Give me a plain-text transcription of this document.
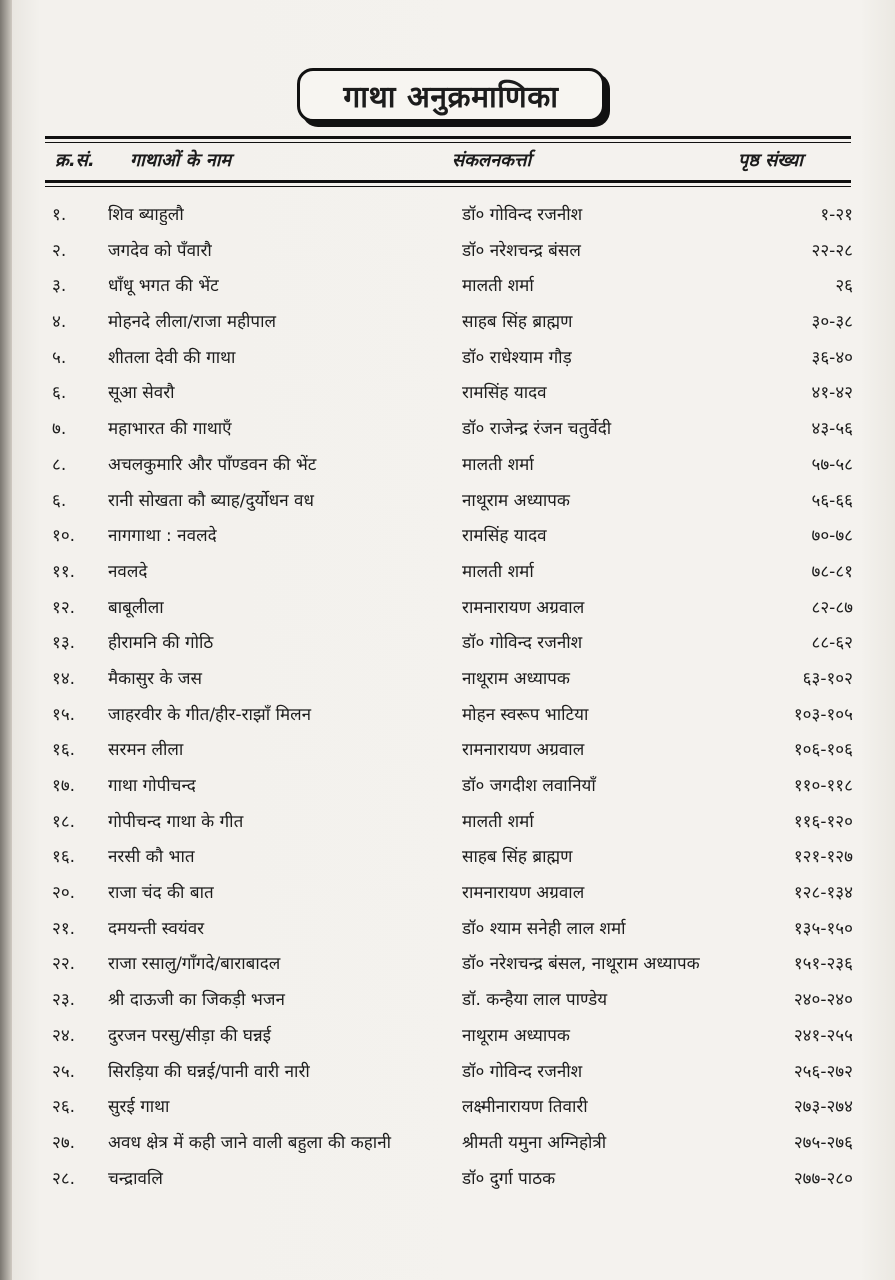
गाथा अनुक्रमाणिका
क्र.सं. गाथाओं के नाम	संकलनकर्त्ता	पृष्ठ संख्या
१.	शिव ब्याहुलौ	डॉ० गोविन्द रजनीश	१-२१
२.	जगदेव को पँवारौ	डॉ० नरेशचन्द्र बंसल	२२-२८
३.	धाँधू भगत की भेंट	मालती शर्मा	२६
४.	मोहनदे लीला/राजा महीपाल	साहब सिंह ब्राह्मण	३०-३८
५.	शीतला देवी की गाथा	डॉ० राधेश्याम गौड़	३६-४०
६.	सूआ सेवरौ	रामसिंह यादव	४१-४२
७.	महाभारत की गाथाएँ	डॉ० राजेन्द्र रंजन चतुर्वेदी	४३-५६
८.	अचलकुमारि और पाँण्डवन की भेंट	मालती शर्मा	५७-५८
६.	रानी सोखता कौ ब्याह/दुर्योधन वध	नाथूराम अध्यापक	५६-६६
१०.	नागगाथा : नवलदे	रामसिंह यादव	७०-७८
११.	नवलदे	मालती शर्मा	७८-८१
१२.	बाबूलीला	रामनारायण अग्रवाल	८२-८७
१३.	हीरामनि की गोठि	डॉ० गोविन्द रजनीश	८८-६२
१४.	मैकासुर के जस	नाथूराम अध्यापक	६३-१०२
१५.	जाहरवीर के गीत/हीर-राझाँ मिलन	मोहन स्वरूप भाटिया	१०३-१०५
१६.	सरमन लीला	रामनारायण अग्रवाल	१०६-१०६
१७.	गाथा गोपीचन्द	डॉ० जगदीश लवानियाँ	११०-११८
१८.	गोपीचन्द गाथा के गीत	मालती शर्मा	११६-१२०
१६.	नरसी कौ भात	साहब सिंह ब्राह्मण	१२१-१२७
२०.	राजा चंद की बात	रामनारायण अग्रवाल	१२८-१३४
२१.	दमयन्ती स्वयंवर	डॉ० श्याम सनेही लाल शर्मा	१३५-१५०
२२.	राजा रसालु/गाँगदे/बाराबादल	डॉ० नरेशचन्द्र बंसल, नाथूराम अध्यापक	१५१-२३६
२३.	श्री दाऊजी का जिकड़ी भजन	डॉ. कन्हैया लाल पाण्डेय	२४०-२४०
२४.	दुरजन परसु/सीड़ा की घन्नई	नाथूराम अध्यापक	२४१-२५५
२५.	सिरड़िया की घन्नई/पानी वारी नारी	डॉ० गोविन्द रजनीश	२५६-२७२
२६.	सुरई गाथा	लक्ष्मीनारायण तिवारी	२७३-२७४
२७.	अवध क्षेत्र में कही जाने वाली बहुला की कहानी	श्रीमती यमुना अग्निहोत्री	२७५-२७६
२८.	चन्द्रावलि	डॉ० दुर्गा पाठक	२७७-२८०
